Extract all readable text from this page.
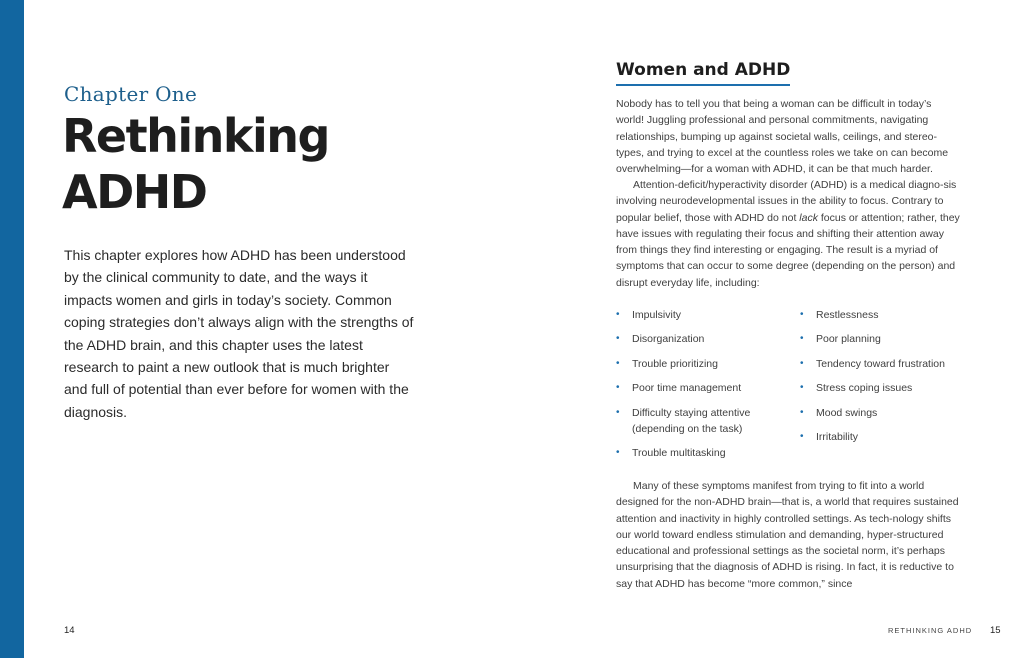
Chapter One
Rethinking ADHD

This chapter explores how ADHD has been understood by the clinical community to date, and the ways it impacts women and girls in today’s society. Common coping strategies don’t always align with the strengths of the ADHD brain, and this chapter uses the latest research to paint a new outlook that is much brighter and full of potential than ever before for women with the diagnosis.

14
Women and ADHD

Nobody has to tell you that being a woman can be difficult in today’s world! Juggling professional and personal commitments, navigating relationships, bumping up against societal walls, ceilings, and stereo-types, and trying to excel at the countless roles we take on can become overwhelming—for a woman with ADHD, it can be that much harder.

Attention-deficit/hyperactivity disorder (ADHD) is a medical diagno-sis involving neurodevelopmental issues in the ability to focus. Contrary to popular belief, those with ADHD do not lack focus or attention; rather, they have issues with regulating their focus and shifting their attention away from things they find interesting or engaging. The result is a myriad of symptoms that can occur to some degree (depending on the person) and disrupt everyday life, including:

• Impulsivity
• Disorganization
• Trouble prioritizing
• Poor time management
• Difficulty staying attentive (depending on the task)
• Trouble multitasking
• Restlessness
• Poor planning
• Tendency toward frustration
• Stress coping issues
• Mood swings
• Irritability

Many of these symptoms manifest from trying to fit into a world designed for the non-ADHD brain—that is, a world that requires sustained attention and inactivity in highly controlled settings. As tech-nology shifts our world toward endless stimulation and demanding, hyper-structured educational and professional settings as the societal norm, it’s perhaps unsurprising that the diagnosis of ADHD is rising. In fact, it is reductive to say that ADHD has become “more common,” since

RETHINKING ADHD 15
